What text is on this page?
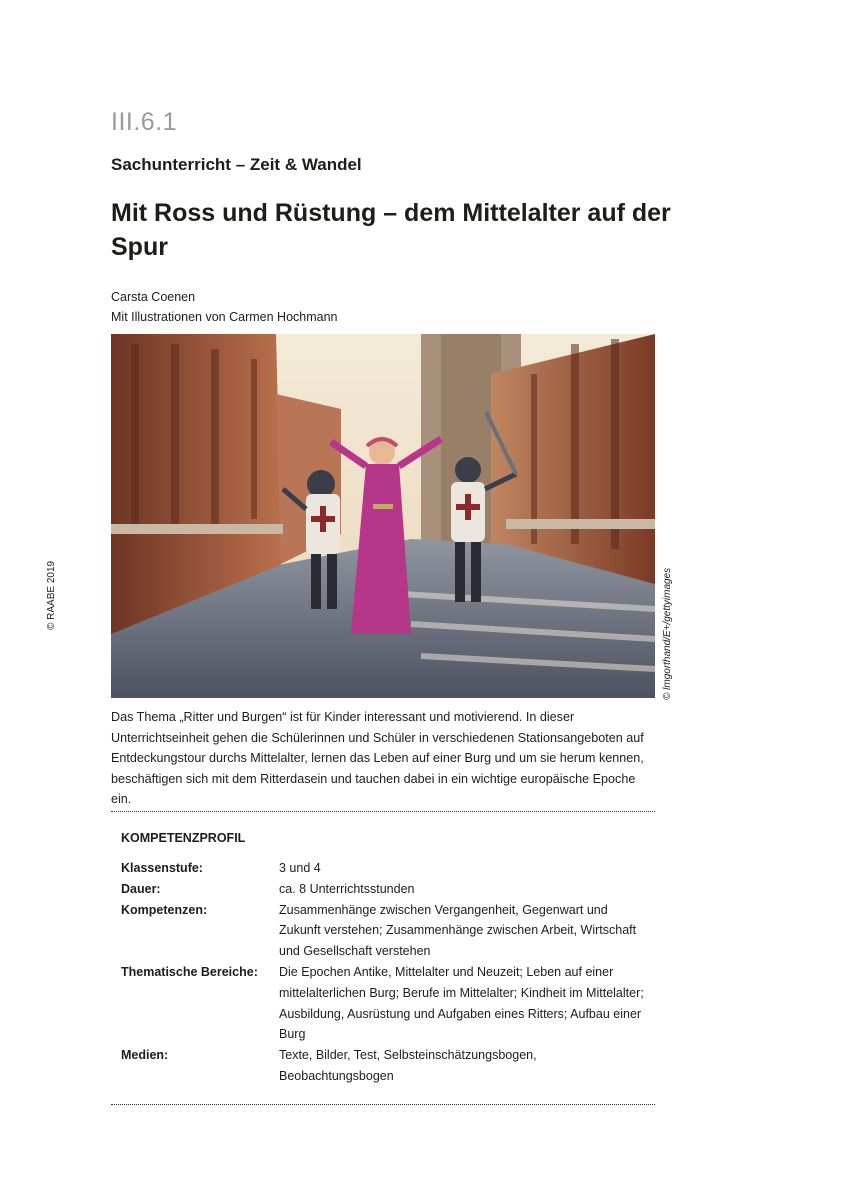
III.6.1
Sachunterricht – Zeit & Wandel
Mit Ross und Rüstung – dem Mittelalter auf der Spur
Carsta Coenen
Mit Illustrationen von Carmen Hochmann
© RAABE 2019	© lmgorthand/E+/gettyimages

Das Thema „Ritter und Burgen“ ist für Kinder interessant und motivierend. In dieser Unterrichtseinheit gehen die Schülerinnen und Schüler in verschiedenen Stationsangeboten auf Entdeckungstour durchs Mittelalter, lernen das Leben auf einer Burg und um sie herum kennen, beschäftigen sich mit dem Ritterdasein und tauchen dabei in ein wichtige europäische Epoche ein.

KOMPETENZPROFIL
Klassenstufe:	3 und 4
Dauer:	ca. 8 Unterrichtsstunden
Kompetenzen:	Zusammenhänge zwischen Vergangenheit, Gegenwart und Zukunft verstehen; Zusammenhänge zwischen Arbeit, Wirtschaft und Gesellschaft verstehen
Thematische Bereiche:	Die Epochen Antike, Mittelalter und Neuzeit; Leben auf einer mittelalterlichen Burg; Berufe im Mittelalter; Kindheit im Mittelalter; Ausbildung, Ausrüstung und Aufgaben eines Ritters; Aufbau einer Burg
Medien:	Texte, Bilder, Test, Selbsteinschätzungsbogen, Beobachtungsbogen
